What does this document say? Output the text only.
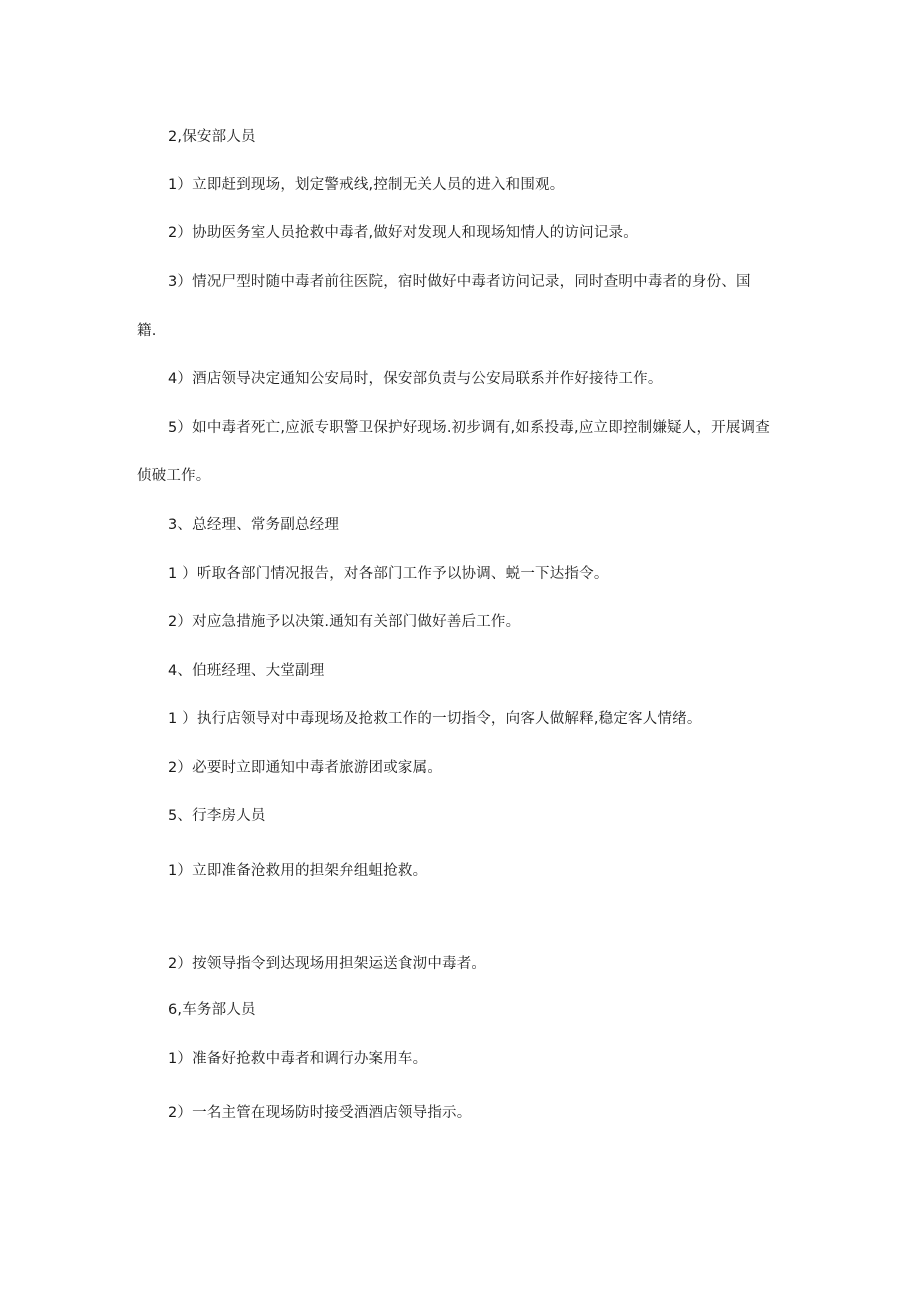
2,保安部人员

1）立即赶到现场，划定警戒线,控制无关人员的进入和围观。

2）协助医务室人员抢救中毒者,做好对发现人和现场知情人的访问记录。

3）情况尸型时随中毒者前往医院，宿时做好中毒者访问记录，同时查明中毒者的身份、国

籍.

4）酒店领导决定通知公安局时，保安部负责与公安局联系并作好接待工作。

5）如中毒者死亡,应派专职警卫保护好现场.初步调有,如系投毒,应立即控制嫌疑人，开展调查

侦破工作。

3、总经理、常务副总经理

1 ）听取各部门情况报告，对各部门工作予以协调、蜕一下达指令。

2）对应急措施予以决策.通知有关部门做好善后工作。

4、伯班经理、大堂副理

1 ）执行店领导对中毒现场及抢救工作的一切指令，向客人做解释,稳定客人情绪。

2）必要时立即通知中毒者旅游团或家属。

5、行李房人员

1）立即准备沧救用的担架弁组蛆抢救。

2）按领导指令到达现场用担架运送食沏中毒者。

6,车务部人员

1）准备好抢救中毒者和调行办案用车。

2）一名主管在现场防时接受酒酒店领导指示。
